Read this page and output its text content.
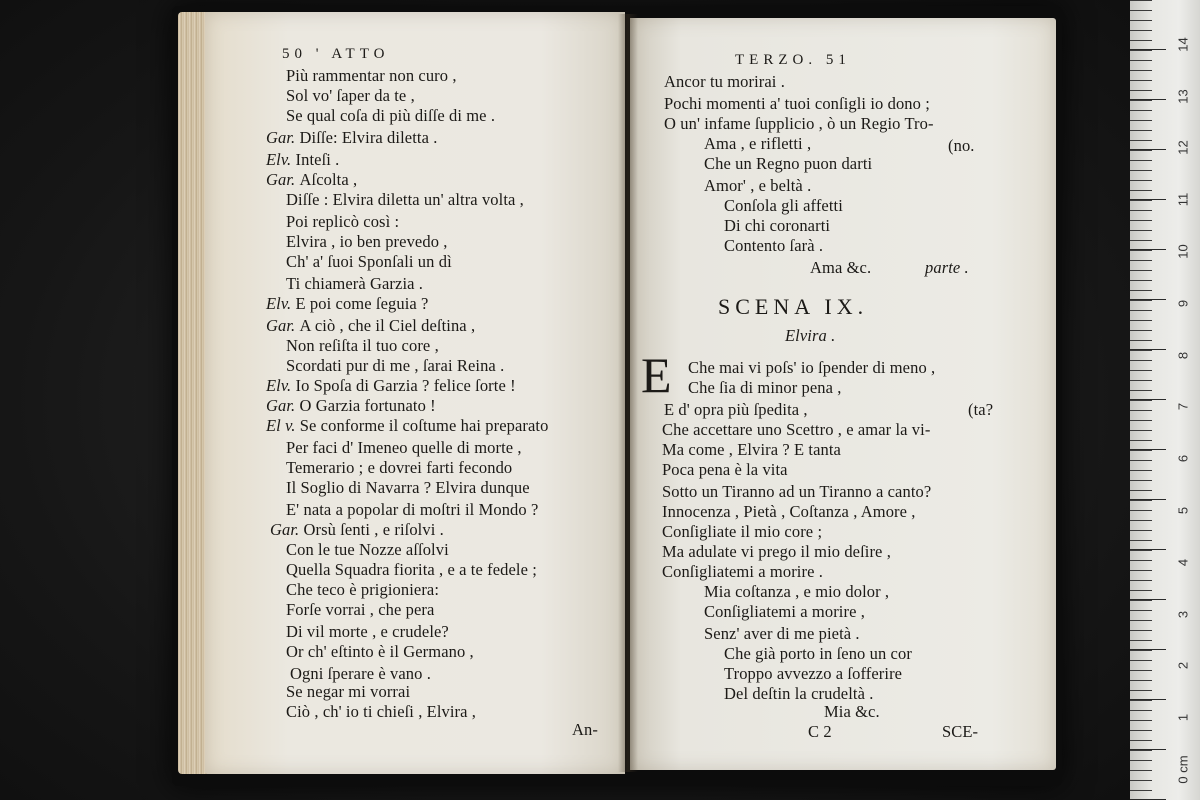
50 ' ATTO
Più rammentar non curo ,
Sol vo' ſaper da te ,
Se qual coſa di più diſſe di me .
Gar. Diſſe: Elvira diletta .
Elv. Inteſi .
Gar. Aſcolta ,
Diſſe : Elvira diletta un' altra volta ,
Poi replicò così :
Elvira , io ben prevedo ,
Ch' a' ſuoi Sponſali un dì
Ti chiamerà Garzia .
Elv. E poi come ſeguia ?
Gar. A ciò , che il Ciel deſtina ,
Non reſiſta il tuo core ,
Scordati pur di me , ſarai Reina .
Elv. Io Spoſa di Garzia ? felice ſorte !
Gar. O Garzia fortunato !
El v. Se conforme il coſtume hai preparato
Per faci d' Imeneo quelle di morte ,
Temerario ; e dovrei farti fecondo
Il Soglio di Navarra ? Elvira dunque
E' nata a popolar di moſtri il Mondo ?
Gar. Orsù ſenti , e riſolvi .
Con le tue Nozze aſſolvi
Quella Squadra fiorita , e a te fedele ;
Che teco è prigioniera:
Forſe vorrai , che pera
Di vil morte , e crudele?
Or ch' eſtinto è il Germano ,
Ogni ſperare è vano .
Se negar mi vorrai
Ciò , ch' io ti chieſi , Elvira ,
An-
TERZO. 51
Ancor tu morirai .
Pochi momenti a' tuoi conſigli io dono ;
O un' infame ſupplicio , ò un Regio Tro-
Ama , e rifletti ,	(no.
Che un Regno puon darti
Amor' , e beltà .
Conſola gli affetti
Di chi coronarti
Contento ſarà .
Ama &c.	parte .
SCENA IX.
Elvira .
E Che mai vi poſs' io ſpender di meno ,
Che ſia di minor pena ,
E d' opra più ſpedita ,	(ta?
Che accettare uno Scettro , e amar la vi-
Ma come , Elvira ? E tanta
Poca pena è la vita
Sotto un Tiranno ad un Tiranno a canto?
Innocenza , Pietà , Coſtanza , Amore ,
Conſigliate il mio core ;
Ma adulate vi prego il mio deſire ,
Conſigliatemi a morire .
Mia coſtanza , e mio dolor ,
Conſigliatemi a morire ,
Senz' aver di me pietà .
Che già porto in ſeno un cor
Troppo avvezzo a ſofferire
Del deſtin la crudeltà .
Mia &c.
C 2	SCE-
0 cm
1
2
3
4
5
6
7
8
9
10
11
12
13
14
